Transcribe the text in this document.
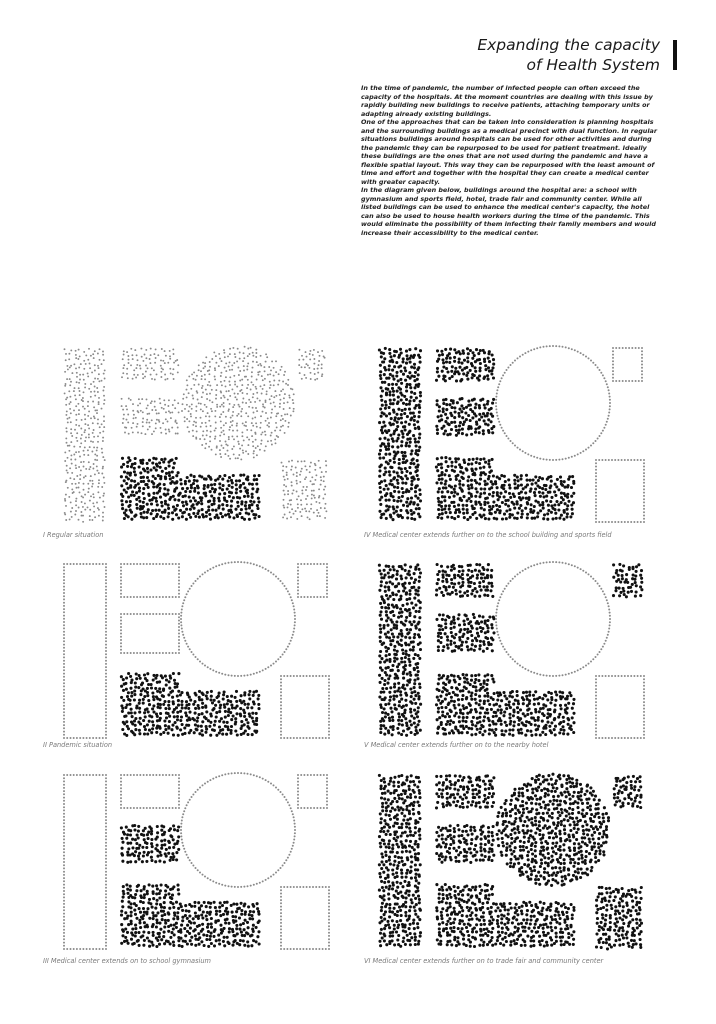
Expanding the capacity
of Health System

In the time of pandemic, the number of infected people can often exceed the capacity of the hospitals. At the moment countries are dealing with this issue by rapidly building new buildings to receive patients, attaching temporary units or adapting already existing buildings.

One of the approaches that can be taken into consideration is planning hospitals and the surrounding buildings as a medical precinct with dual function. In regular situations buildings around hospitals can be used for other activities and during the pandemic they can be repurposed to be used for patient treatment. Ideally these buildings are the ones that are not used during the pandemic and have a flexible spatial layout. This way they can be repurposed with the least amount of time and effort and together with the hospital they can create a medical center with greater capacity.

In the diagram given below, buildings around the hospital are: a school with gymnasium and sports field, hotel, trade fair and community center. While all listed buildings can be used to enhance the medical center's capacity, the hotel can also be used to house health workers during the time of the pandemic. This would eliminate the possibility of them infecting their family members and would increase their accessibility to the medical center.

I Regular situation	IV Medical center extends further on to the school building and sports field
II Pandemic situation	V Medical center extends further on to the nearby hotel
III Medical center extends on to school gymnasium	VI Medical center extends further on to trade fair and community center
